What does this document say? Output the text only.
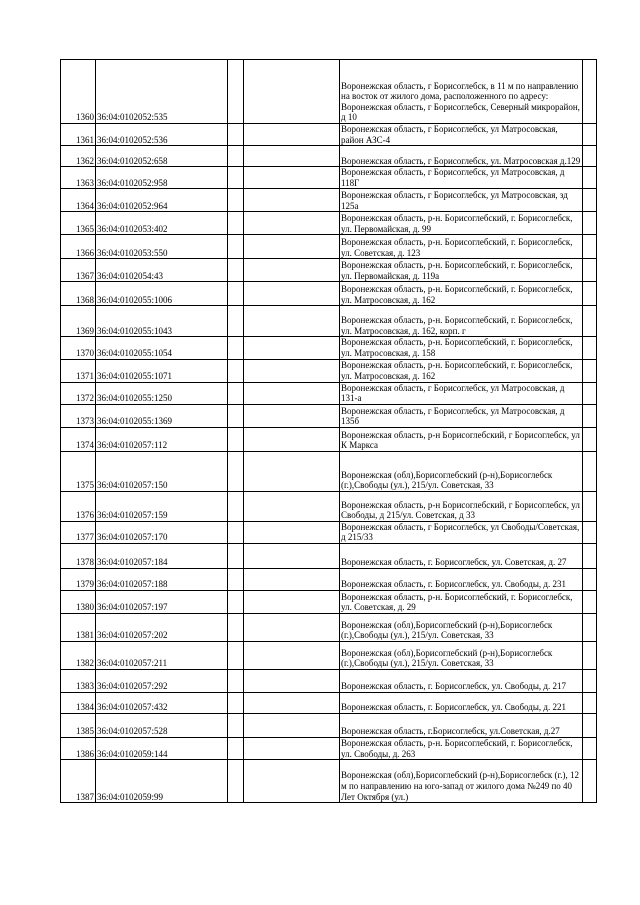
1360	36:04:0102052:535			Воронежская область, г Борисоглебск, в 11 м по направлению на восток от жилого дома, расположенного по адресу: Воронежская область, г Борисоглебск, Северный микрорайон, д 10	
1361	36:04:0102052:536			Воронежская область, г Борисоглебск, ул Матросовская, район АЗС-4	
1362	36:04:0102052:658			Воронежская область, г Борисоглебск, ул. Матросовская д.129	
1363	36:04:0102052:958			Воронежская область, г Борисоглебск, ул Матросовская, д 118Г	
1364	36:04:0102052:964			Воронежская область, г Борисоглебск, ул Матросовская, зд 125а	
1365	36:04:0102053:402			Воронежская область, р-н. Борисоглебский, г. Борисоглебск, ул. Первомайская, д. 99	
1366	36:04:0102053:550			Воронежская область, р-н. Борисоглебский, г. Борисоглебск, ул. Советская, д. 123	
1367	36:04:0102054:43			Воронежская область, р-н. Борисоглебский, г. Борисоглебск, ул. Первомайская, д. 119а	
1368	36:04:0102055:1006			Воронежская область, р-н. Борисоглебский, г. Борисоглебск, ул. Матросовская, д. 162	
1369	36:04:0102055:1043			Воронежская область, р-н. Борисоглебский, г. Борисоглебск, ул. Матросовская, д. 162, корп. г	
1370	36:04:0102055:1054			Воронежская область, р-н. Борисоглебский, г. Борисоглебск, ул. Матросовская, д. 158	
1371	36:04:0102055:1071			Воронежская область, р-н. Борисоглебский, г. Борисоглебск, ул. Матросовская, д. 162	
1372	36:04:0102055:1250			Воронежская область, г Борисоглебск, ул Матросовская, д 131-а	
1373	36:04:0102055:1369			Воронежская область, г Борисоглебск, ул Матросовская, д 135б	
1374	36:04:0102057:112			Воронежская область, р-н Борисоглебский, г Борисоглебск, ул К Маркса	
1375	36:04:0102057:150			Воронежская (обл),Борисоглебский (р-н),Борисоглебск (г.),Свободы (ул.), 215/ул. Советская, 33	
1376	36:04:0102057:159			Воронежская область, р-н Борисоглебский, г Борисоглебск, ул Свободы, д 215/ул. Советская, д 33	
1377	36:04:0102057:170			Воронежская область, г Борисоглебск, ул Свободы/Советская, д 215/33	
1378	36:04:0102057:184			Воронежская область, г. Борисоглебск, ул. Советская, д. 27	
1379	36:04:0102057:188			Воронежская область, г. Борисоглебск, ул. Свободы, д. 231	
1380	36:04:0102057:197			Воронежская область, р-н. Борисоглебский, г. Борисоглебск, ул. Советская, д. 29	
1381	36:04:0102057:202			Воронежская (обл),Борисоглебский (р-н),Борисоглебск (г.),Свободы (ул.), 215/ул. Советская, 33	
1382	36:04:0102057:211			Воронежская (обл),Борисоглебский (р-н),Борисоглебск (г.),Свободы (ул.), 215/ул. Советская, 33	
1383	36:04:0102057:292			Воронежская область, г. Борисоглебск, ул. Свободы, д. 217	
1384	36:04:0102057:432			Воронежская область, г. Борисоглебск, ул. Свободы, д. 221	
1385	36:04:0102057:528			Воронежская область, г.Борисоглебск, ул.Советская, д.27	
1386	36:04:0102059:144			Воронежская область, р-н. Борисоглебский, г. Борисоглебск, ул. Свободы, д. 263	
1387	36:04:0102059:99			Воронежская (обл),Борисоглебский (р-н),Борисоглебск (г.), 12 м по направлению на юго-запад от жилого дома №249 по 40 Лет Октября (ул.)	
